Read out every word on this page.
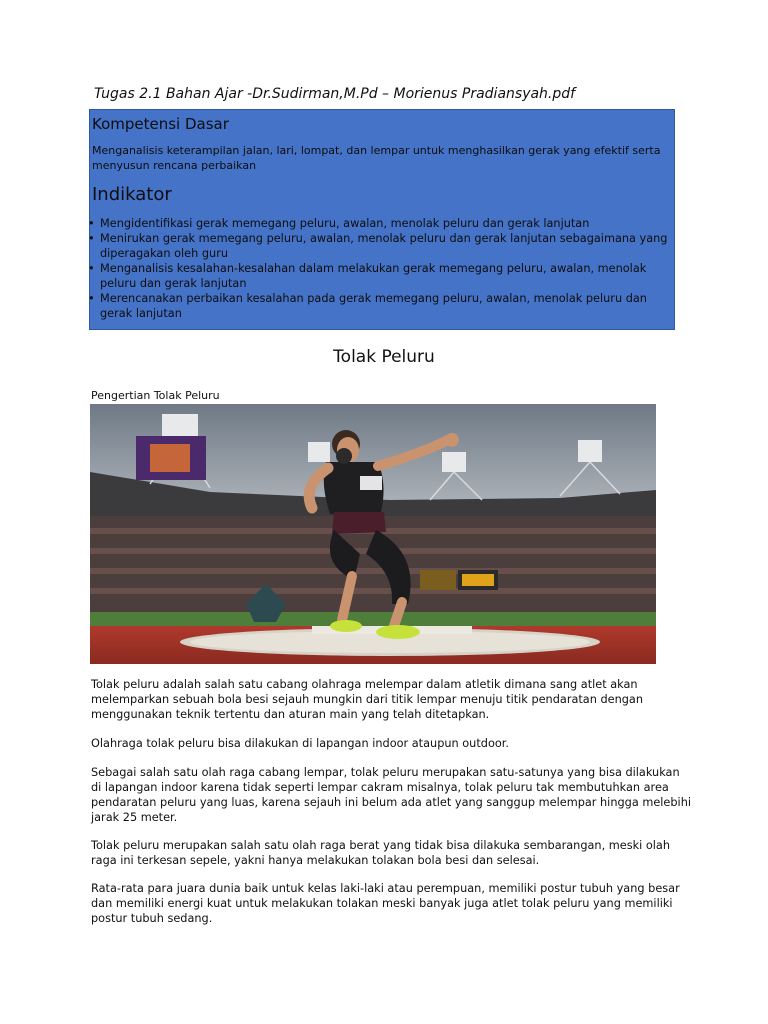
Tugas 2.1 Bahan Ajar -Dr.Sudirman,M.Pd – Morienus Pradiansyah.pdf
Kompetensi Dasar

Menganalisis keterampilan jalan, lari, lompat, dan lempar untuk menghasilkan gerak yang efektif serta menyusun rencana perbaikan

Indikator
• Mengidentifikasi gerak memegang peluru, awalan, menolak peluru dan gerak lanjutan
• Menirukan gerak memegang peluru, awalan, menolak peluru dan gerak lanjutan sebagaimana yang diperagakan oleh guru
• Menganalisis kesalahan-kesalahan dalam melakukan gerak memegang peluru, awalan, menolak peluru dan gerak lanjutan
• Merencanakan perbaikan kesalahan pada gerak memegang peluru, awalan, menolak peluru dan gerak lanjutan
Tolak Peluru
Pengertian Tolak Peluru

Tolak peluru adalah salah satu cabang olahraga melempar dalam atletik dimana sang atlet akan melemparkan sebuah bola besi sejauh mungkin dari titik lempar menuju titik pendaratan dengan menggunakan teknik tertentu dan aturan main yang telah ditetapkan.

Olahraga tolak peluru bisa dilakukan di lapangan indoor ataupun outdoor.

Sebagai salah satu olah raga cabang lempar, tolak peluru merupakan satu-satunya yang bisa dilakukan di lapangan indoor karena tidak seperti lempar cakram misalnya, tolak peluru tak membutuhkan area pendaratan peluru yang luas, karena sejauh ini belum ada atlet yang sanggup melempar hingga melebihi jarak 25 meter.

Tolak peluru merupakan salah satu olah raga berat yang tidak bisa dilakuka sembarangan, meski olah raga ini terkesan sepele, yakni hanya melakukan tolakan bola besi dan selesai.

Rata-rata para juara dunia baik untuk kelas laki-laki atau perempuan, memiliki postur tubuh yang besar dan memiliki energi kuat untuk melakukan tolakan meski banyak juga atlet tolak peluru yang memiliki postur tubuh sedang.
